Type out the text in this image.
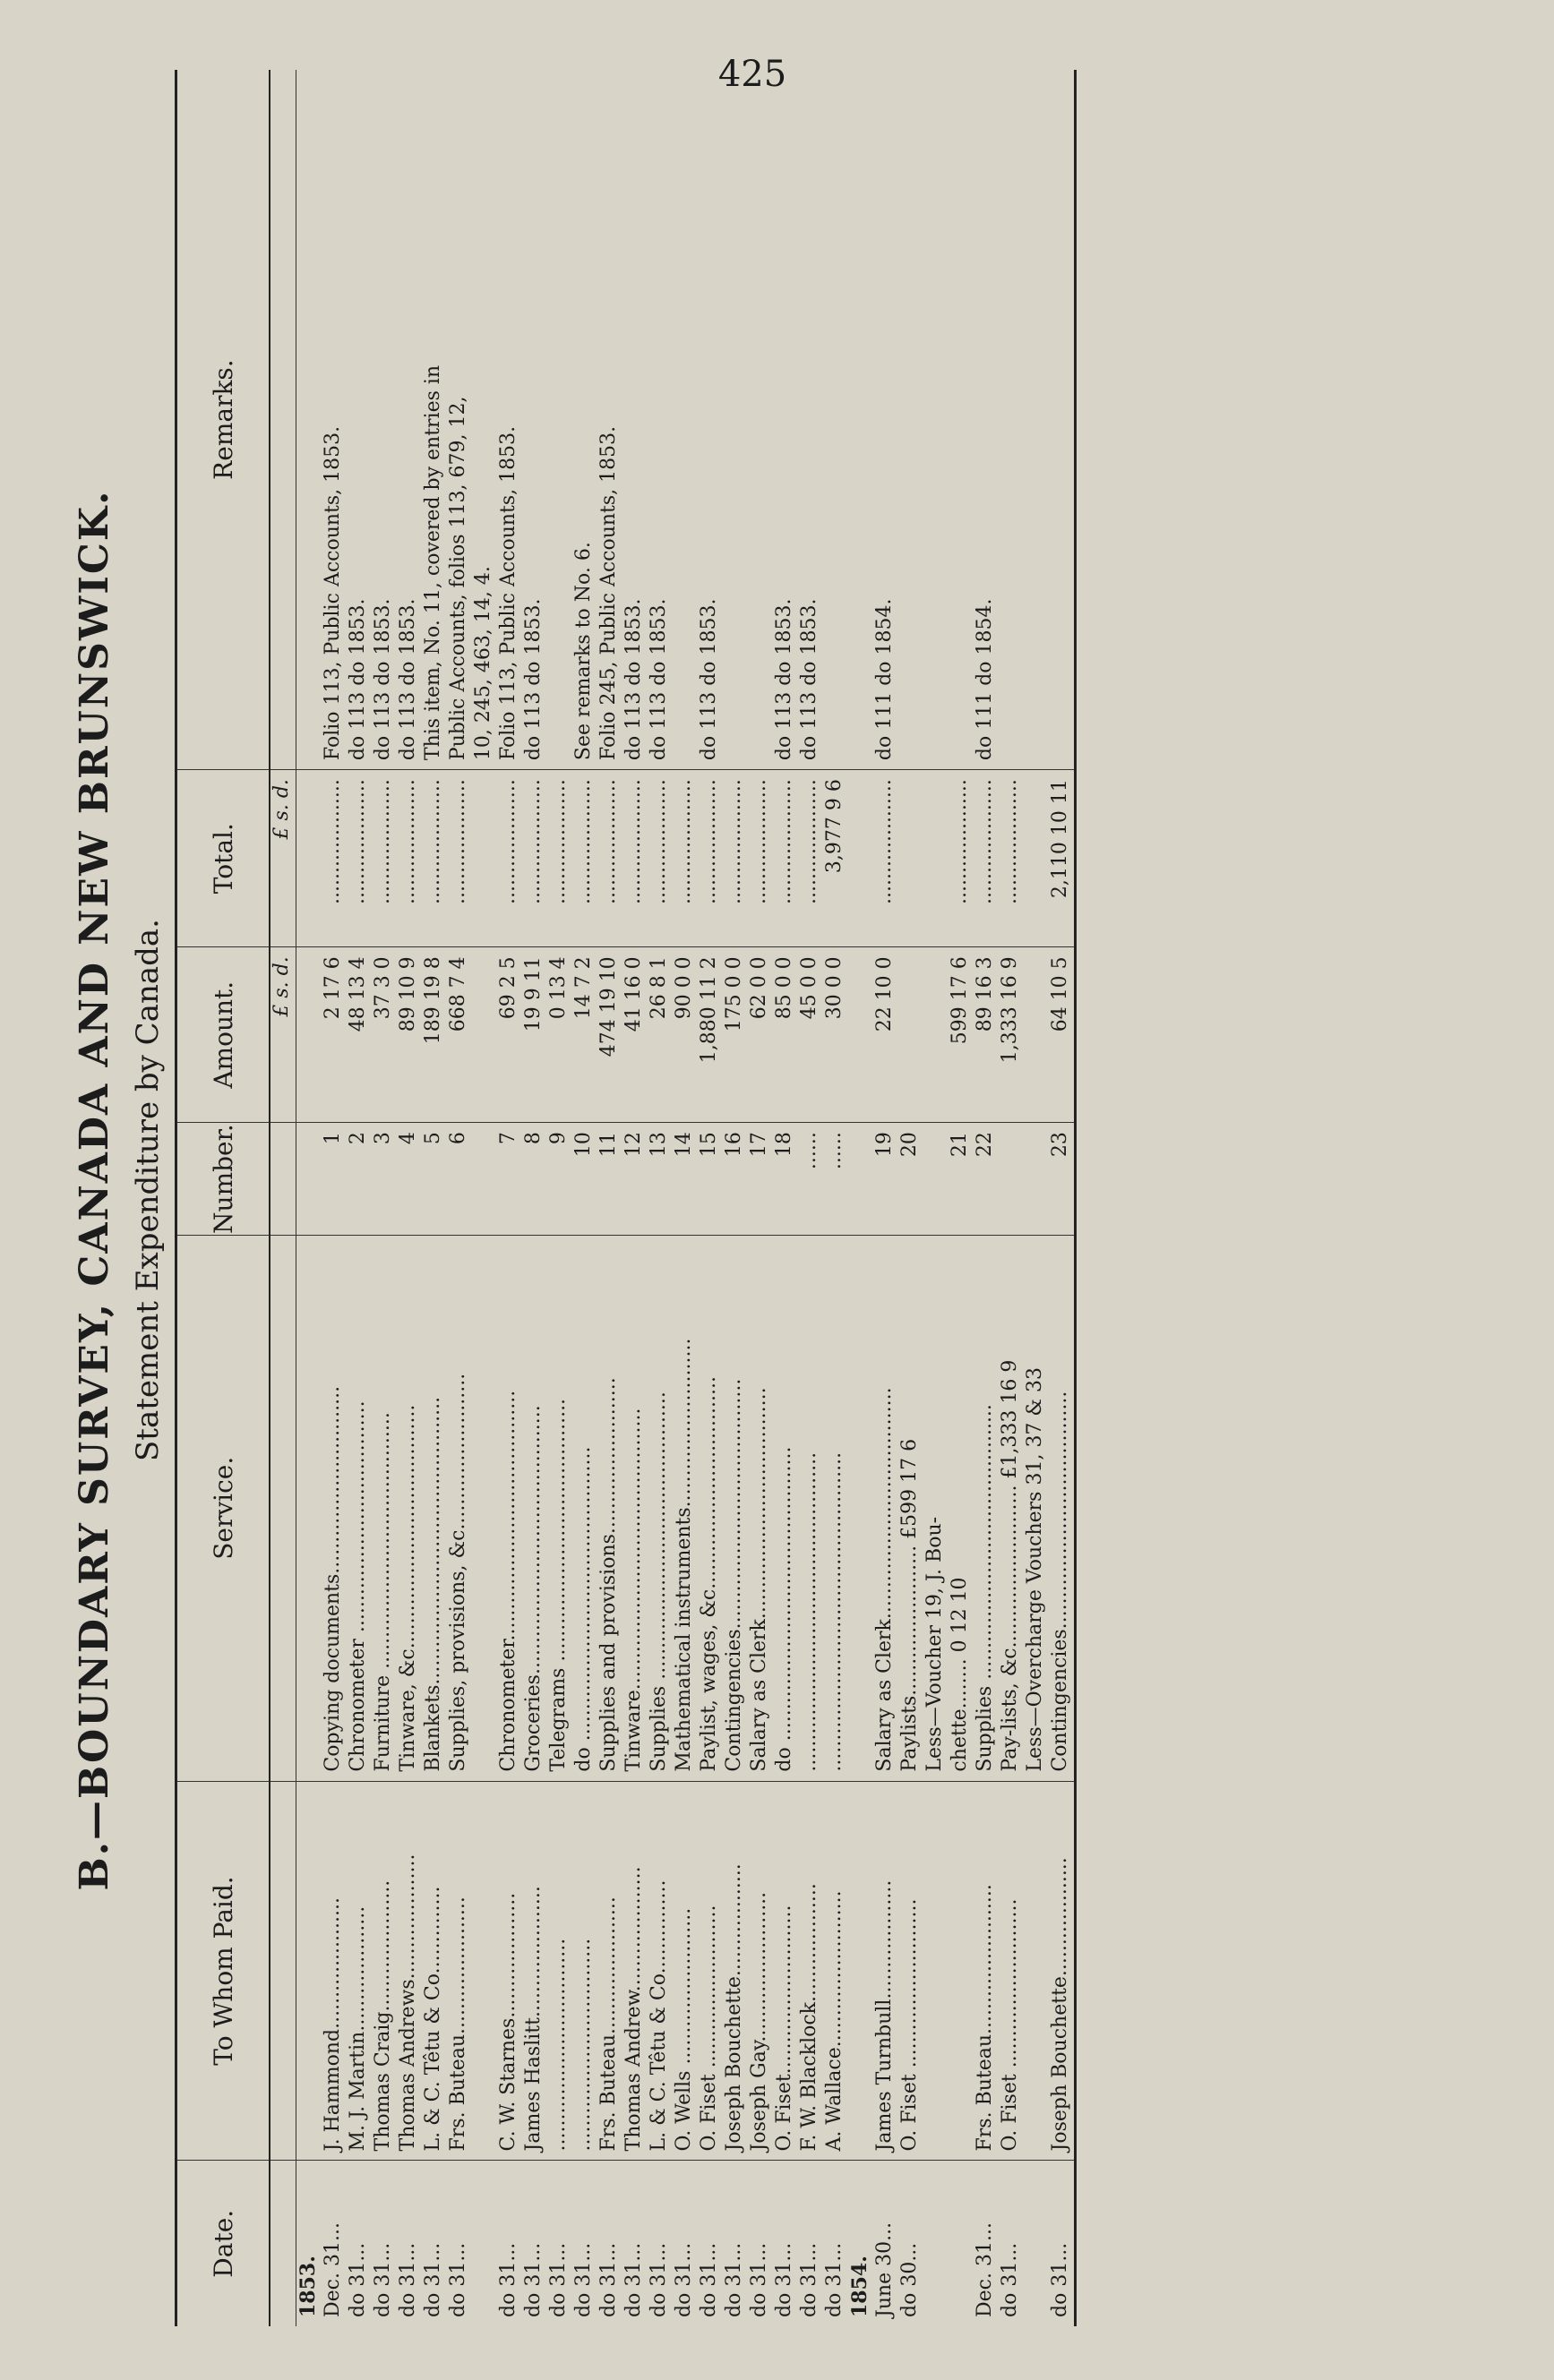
425
B.—BOUNDARY SURVEY, CANADA AND NEW BRUNSWICK. Statement Expenditure by Canada.
Date.	To Whom Paid.	Service.	Number.	Amount.	Total.	Remarks.
				£ s. d.	£ s. d.	
1853.						
Dec. 31...	J. Hammond.....................	Copying documents..............................	1	2 17 6	....................	Folio 113, Public Accounts, 1853.
do 31...	M. J. Martin....................	Chronometer .....................................	2	48 13 4	....................	do 113 do 1853.
do 31...	Thomas Craig.....................	Furniture .........................................	3	37 3 0	....................	do 113 do 1853.
do 31...	Thomas Andrews....................	Tinware, &c.......................................	4	89 10 9	....................	do 113 do 1853.
do 31...	L. & C. Têtu & Co..............	Blankets..............................................	5	189 19 8	....................	This item, No. 11, covered by entries in
do 31...	Frs. Buteau......................	Supplies, provisions, &c.........................	6	668 7 4	....................	Public Accounts, folios 113, 679, 12,
						10, 245, 463, 14, 4.
do 31...	C. W. Starnes....................	Chronometer........................................	7	69 2 5	....................	Folio 113, Public Accounts, 1853.
do 31...	James Haslitt.....................	Groceries...........................................	8	19 9 11	....................	do 113 do 1853.
do 31...	..................................	Telegrams ..........................................	9	0 13 4	....................	
do 31...	..................................	do ...............................................	10	14 7 2	....................	See remarks to No. 6.
do 31...	Frs. Buteau......................	Supplies and provisions.........................	11	474 19 10	....................	Folio 245, Public Accounts, 1853.
do 31...	Thomas Andrew....................	Tinware.............................................	12	41 16 0	....................	do 113 do 1853.
do 31...	L. & C. Têtu & Co...............	Supplies ..............................................	13	26 8 1	....................	do 113 do 1853.
do 31...	O. Wells .........................	Mathematical instruments...........................	14	90 0 0	....................	
do 31...	O. Fiset ..........................	Paylist, wages, &c..................................	15	1,880 11 2	....................	do 113 do 1853.
do 31...	Joseph Bouchette..................	Contingencies........................................	16	175 0 0	....................	
do 31...	Joseph Gay........................	Salary as Clerk.....................................	17	62 0 0	....................	
do 31...	O. Fiset...........................	do ...............................................	18	85 0 0	....................	do 113 do 1853.
do 31...	F. W. Blacklock...................	...................................................	......	45 0 0	....................	do 113 do 1853.
do 31...	A. Wallace.........................	...................................................	......	30 0 0	3,977 9 6	
1854.						
June 30...	James Turnbull...................	Salary as Clerk.....................................	19	22 10 0	....................	do 111 do 1854.
do 30...	O. Fiset ...........................	Paylists........................ £599 17 6	20			
		Less—Voucher 19, J. Bou-				
		chette........ 0 12 10	21	599 17 6	....................	
Dec. 31...	Frs. Buteau........................	Supplies ............................................	22	89 16 3	....................	do 111 do 1854.
do 31...	O. Fiset ...........................	Pay-lists, &c.......................... £1,333 16 9		1,333 16 9	....................	
		Less—Overcharge Vouchers 31, 37 & 33				
do 31...	Joseph Bouchette...................	Contingencies......................................	23	64 10 5	2,110 10 11	
